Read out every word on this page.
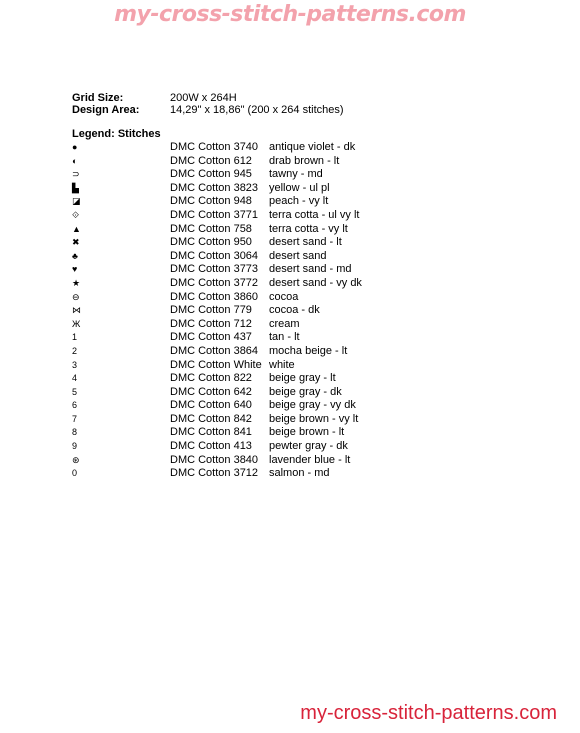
my-cross-stitch-patterns.com
Grid Size:	200W x 264H
Design Area:	14,29" x 18,86" (200 x 264 stitches)
Legend: Stitches
●	DMC Cotton 3740 antique violet - dk
◐	DMC Cotton 612 drab brown - lt
⊃	DMC Cotton 945 tawny - md
▙	DMC Cotton 3823 yellow - ul pl
◪	DMC Cotton 948 peach - vy lt
⟐	DMC Cotton 3771 terra cotta - ul vy lt
▲	DMC Cotton 758 terra cotta - vy lt
✖	DMC Cotton 950 desert sand - lt
♣	DMC Cotton 3064 desert sand
♥	DMC Cotton 3773 desert sand - md
★	DMC Cotton 3772 desert sand - vy dk
⊖	DMC Cotton 3860 cocoa
⋈	DMC Cotton 779 cocoa - dk
Ж	DMC Cotton 712 cream
1	DMC Cotton 437 tan - lt
2	DMC Cotton 3864 mocha beige - lt
3	DMC Cotton White white
4	DMC Cotton 822 beige gray - lt
5	DMC Cotton 642 beige gray - dk
6	DMC Cotton 640 beige gray - vy dk
7	DMC Cotton 842 beige brown - vy lt
8	DMC Cotton 841 beige brown - lt
9	DMC Cotton 413 pewter gray - dk
⊛	DMC Cotton 3840 lavender blue - lt
0	DMC Cotton 3712 salmon - md
my-cross-stitch-patterns.com
